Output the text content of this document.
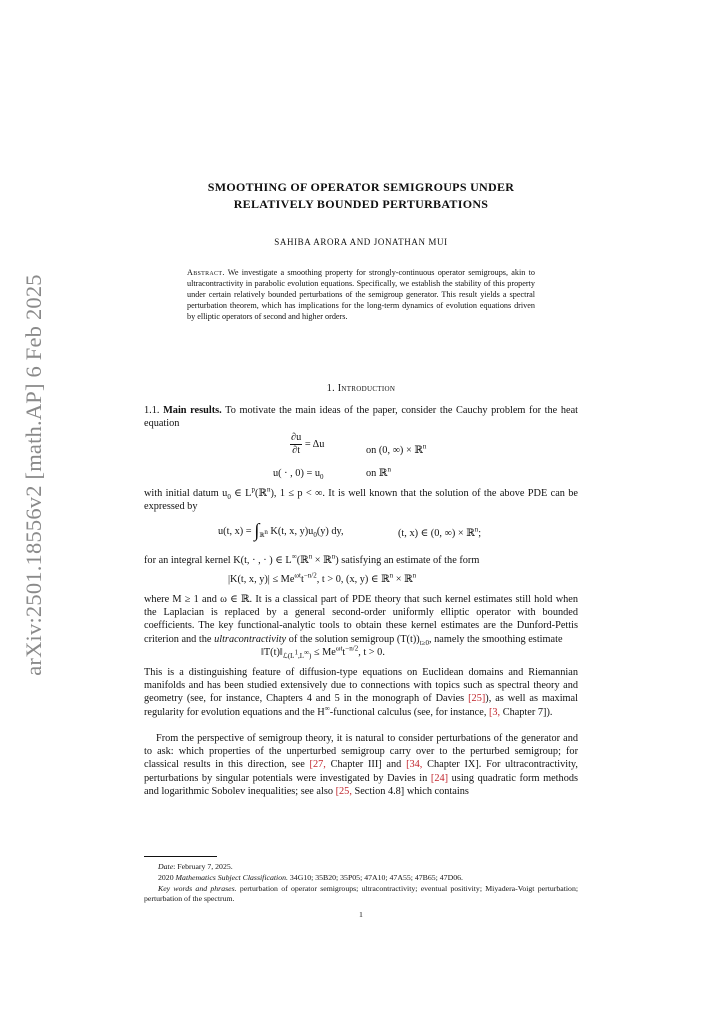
arXiv:2501.18556v2 [math.AP] 6 Feb 2025
SMOOTHING OF OPERATOR SEMIGROUPS UNDER
RELATIVELY BOUNDED PERTURBATIONS
SAHIBA ARORA AND JONATHAN MUI
Abstract. We investigate a smoothing property for strongly-continuous operator semigroups, akin to ultracontractivity in parabolic evolution equations. Specifically, we establish the stability of this property under certain relatively bounded perturbations of the semigroup generator. This result yields a spectral perturbation theorem, which has implications for the long-term dynamics of evolution equations driven by elliptic operators of second and higher orders.
1. Introduction
1.1. Main results. To motivate the main ideas of the paper, consider the Cauchy problem for the heat equation
$\frac{\partial u}{\partial t} = \Delta u$
on (0, ∞) × ℝ$^n$
u( · , $0) = u_0$	on ℝ$^n$
with initial datum $u_0$ ∈ $L^p(ℝ^n)$, 1 ≤ p < ∞. It is well known that the solution of the above PDE can be expressed by
u(t, $x) = \int_{ℝ^n}$ K(t, x, $y)u_0(y)$ dy,	(t, x) ∈ (0, ∞) × ℝ$^n$;
for an integral kernel K(t, · , · ) ∈ L∞(ℝ$^n$ × ℝ$^n$) satisfying an estimate of the form
|K(t, x, $y)| \le Me^{\omega t}t^{-n/2}$, t > 0, (x, y) ∈ ℝ$^n$ × ℝ$^n$
where M ≥ 1 and ω ∈ ℝ. It is a classical part of PDE theory that such kernel estimates still hold when the Laplacian is replaced by a general second-order uniformly elliptic operator with bounded coefficients. The key functional-analytic tools to obtain these kernel estimates are the Dunford-Pettis criterion and the ultracontractivity of the solution semigroup $(T(t))_{t\ge 0}$, namely the smoothing estimate
$‖T(t)‖_{ℒ(L^1,L^\infty)} \le Me^{\omega t}t^{-n/2}$, t > 0.
This is a distinguishing feature of diffusion-type equations on Euclidean domains and Riemannian manifolds and has been studied extensively due to connections with topics such as spectral theory and geometry (see, for instance, Chapters 4 and 5 in the monograph of Davies [25]), as well as maximal regularity for evolution equations and the H∞-functional calculus (see, for instance, [3, Chapter 7]).
From the perspective of semigroup theory, it is natural to consider perturbations of the generator and to ask: which properties of the unperturbed semigroup carry over to the perturbed semigroup; for classical results in this direction, see [27, Chapter III] and [34, Chapter IX]. For ultracontractivity, perturbations by singular potentials were investigated by Davies in [24] using quadratic form methods and logarithmic Sobolev inequalities; see also [25, Section 4.8] which contains
Date: February 7, 2025.
2020 Mathematics Subject Classification. 34G10; 35B20; 35P05; 47A10; 47A55; 47B65; 47D06.
Key words and phrases. perturbation of operator semigroups; ultracontractivity; eventual positivity; Miyadera-Voigt perturbation; perturbation of the spectrum.
1
